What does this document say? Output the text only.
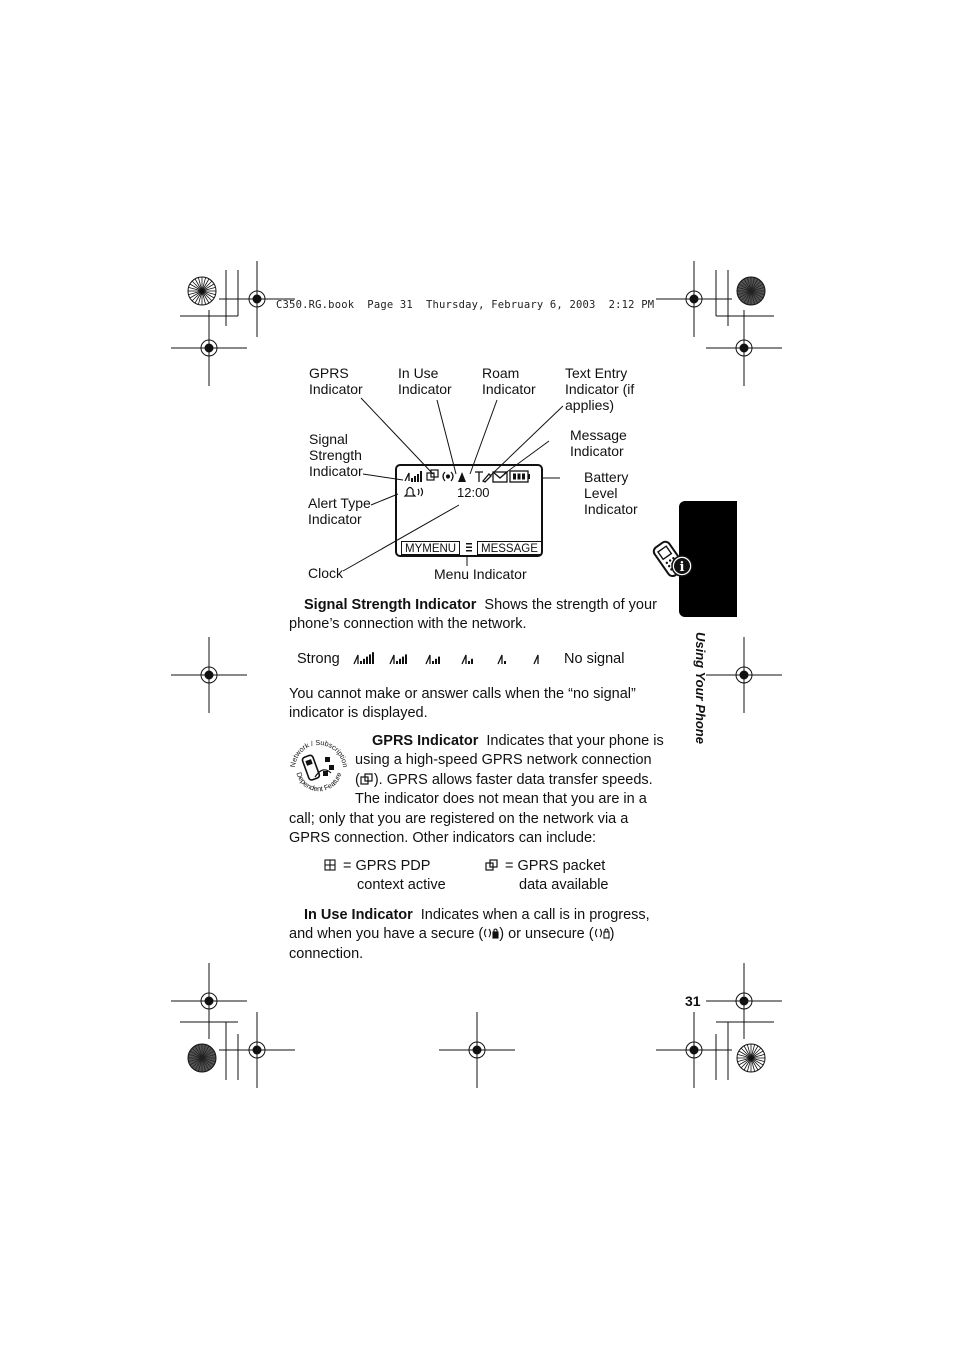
C350.RG.book  Page 31  Thursday, February 6, 2003  2:12 PM
GPRS
Indicator
In Use
Indicator
Roam
Indicator
Text Entry
Indicator (if
applies)
Signal
Strength
Indicator
Message
Indicator
Battery
Level
Indicator
Alert Type
Indicator
Clock	Menu Indicator
12:00
MYMENU	MESSAGE
i
Using Your Phone
Signal Strength Indicator Shows the strength of your
phone’s connection with the network.
Strong	No signal
You cannot make or answer calls when the “no signal”
indicator is displayed.
Network / Subscription
Dependent Feature
GPRS Indicator Indicates that your phone is
using a high-speed GPRS network connection
( ). GPRS allows faster data transfer speeds.
The indicator does not mean that you are in a
call; only that you are registered on the network via a
GPRS connection. Other indicators can include:
= GPRS PDP
context active
= GPRS packet
data available
In Use Indicator Indicates when a call is in progress,
and when you have a secure ( ) or unsecure ( )
connection.
31
